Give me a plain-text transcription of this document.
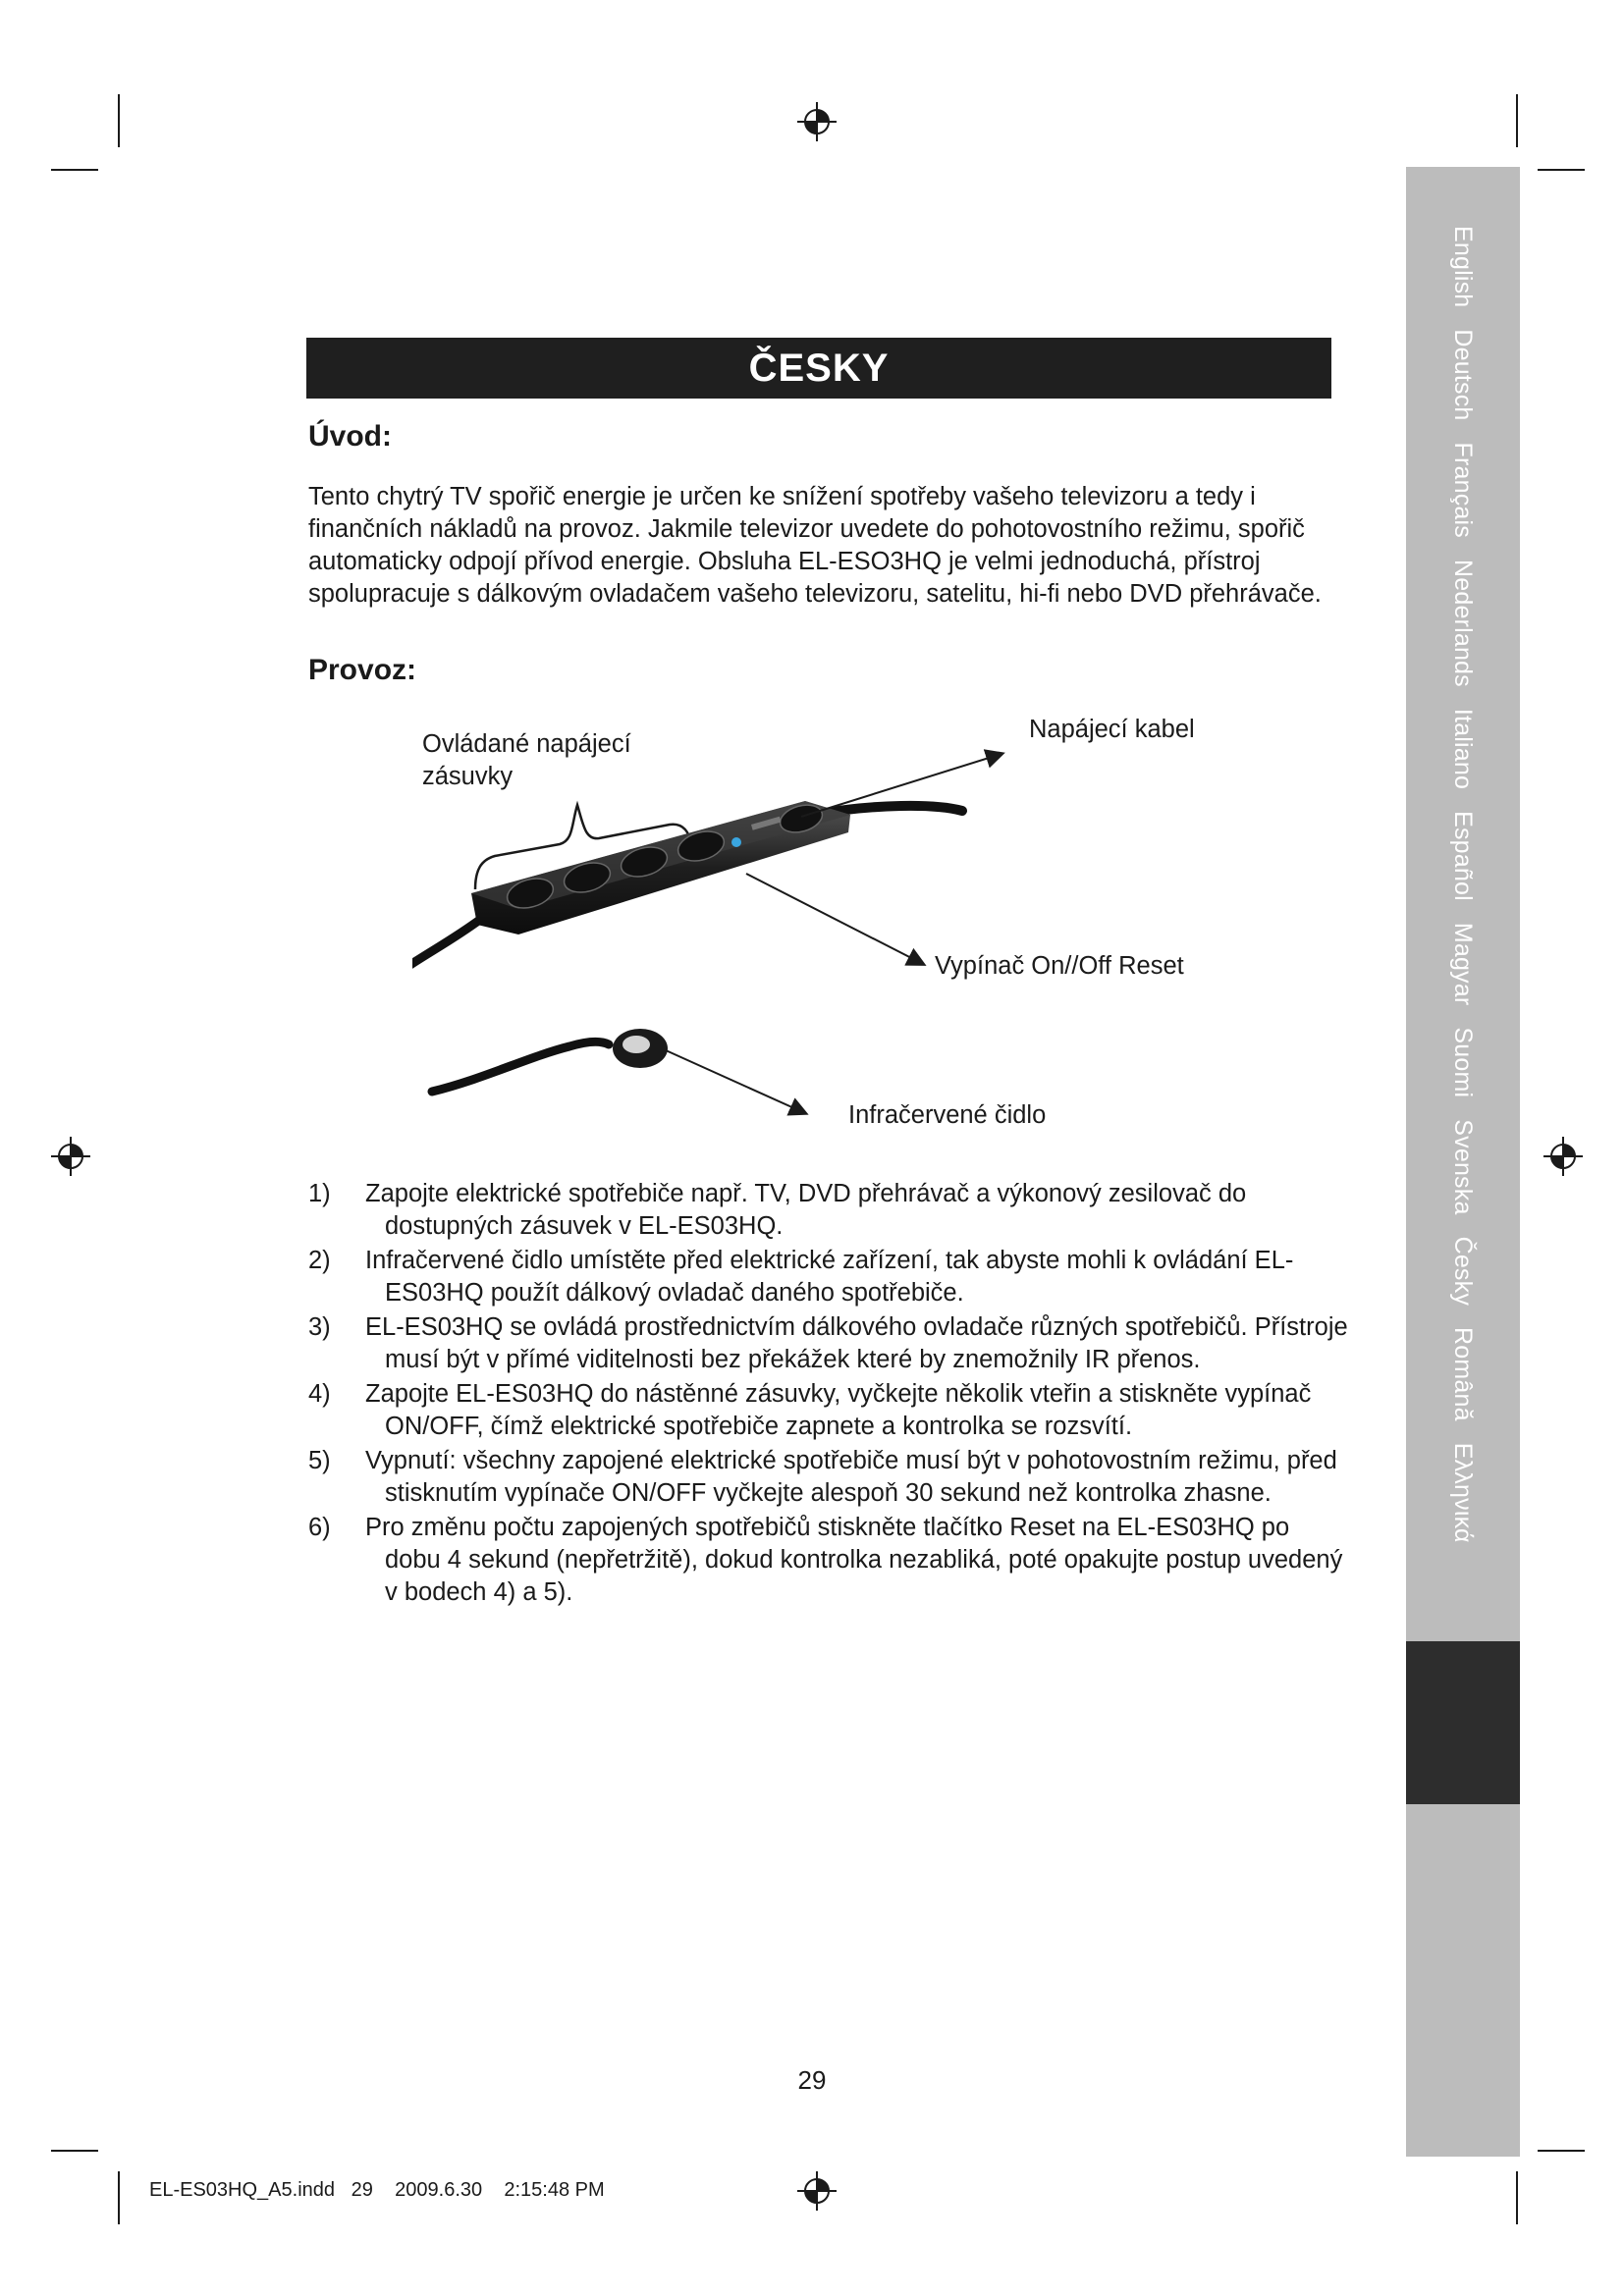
EnglishDeutschFrançaisNederlandsItalianoEspañolMagyarSuomiSvenskaČeskyRomânăΕλληνικά
ČESKY
Úvod:

Tento chytrý TV spořič energie je určen ke snížení spotřeby vašeho televizoru a tedy i finančních nákladů na provoz. Jakmile televizor uvedete do pohotovostního režimu, spořič automaticky odpojí přívod energie. Obsluha EL-ESO3HQ je velmi jednoduchá, přístroj spolupracuje s dálkovým ovladačem vašeho televizoru, satelitu, hi-fi nebo DVD přehrávače.

Provoz:
Ovládané napájecí
zásuvky
Napájecí kabel
Vypínač On//Off Reset
Infračervené čidlo
1) Zapojte elektrické spotřebiče např. TV, DVD přehrávač a výkonový zesilovač do dostupných zásuvek v EL-ES03HQ.
2) Infračervené čidlo umístěte před elektrické zařízení, tak abyste mohli k ovládání EL-ES03HQ použít dálkový ovladač daného spotřebiče.
3) EL-ES03HQ se ovládá prostřednictvím dálkového ovladače různých spotřebičů. Přístroje musí být v přímé viditelnosti bez překážek které by znemožnily IR přenos.
4) Zapojte EL-ES03HQ do nástěnné zásuvky, vyčkejte několik vteřin a stiskněte vypínač ON/OFF, čímž elektrické spotřebiče zapnete a kontrolka se rozsvítí.
5) Vypnutí: všechny zapojené elektrické spotřebiče musí být v pohotovostním režimu, před stisknutím vypínače ON/OFF vyčkejte alespoň 30 sekund než kontrolka zhasne.
6) Pro změnu počtu zapojených spotřebičů stiskněte tlačítko Reset na EL-ES03HQ po dobu 4 sekund (nepřetržitě), dokud kontrolka nezabliká, poté opakujte postup uvedený v bodech 4) a 5).
29
EL-ES03HQ_A5.indd   29    2009.6.30    2:15:48 PM
